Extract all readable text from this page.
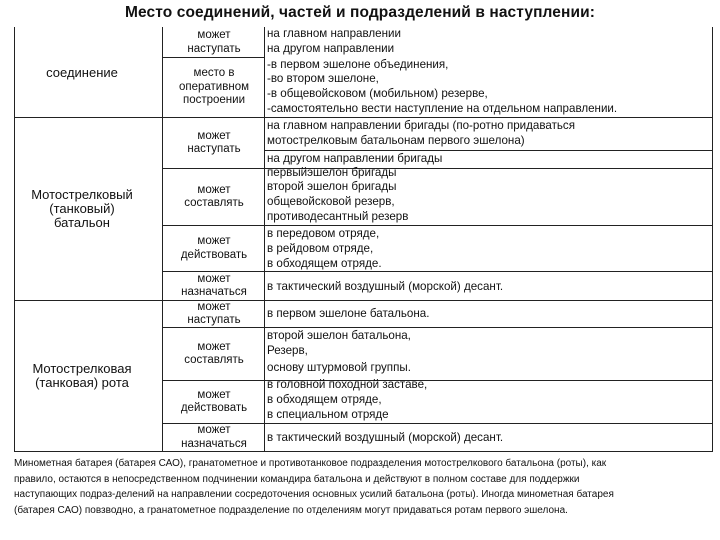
Место соединений, частей и подразделений в наступлении:
соединение
Мотострелковый
(танковый)
батальон
Мотострелковая
(танковая) рота
может
наступать
место в
оперативном
построении
может
наступать
может
составлять
может
действовать
может
назначаться
может
наступать
может
составлять
может
действовать
может
назначаться
на главном направлении
на другом направлении
-в первом эшелоне объединения,
-во втором эшелоне,
-в общевойсковом (мобильном) резерве,
-самостоятельно вести наступление на отдельном направлении.
на главном направлении бригады (по-ротно придаваться
мотострелковым батальонам первого эшелона)
на другом направлении бригады
первыйэшелон бригады
второй эшелон бригады
общевойсковой резерв,
противодесантный резерв
в передовом отряде,
в рейдовом отряде,
в обходящем отряде.
в тактический воздушный (морской) десант.
в первом эшелоне батальона.
второй эшелон батальона,
Резерв,
основу штурмовой группы.
в головной походной заставе,
в обходящем отряде,
в специальном отряде
в тактический воздушный (морской) десант.
Минометная батарея (батарея САО), гранатометное и противотанковое подразделения мотострелкового батальона (роты), как
правило, остаются в непосредственном подчинении командира батальона и действуют в полном составе для поддержки
наступающих подраз-делений на направлении сосредоточения основных усилий батальона (роты). Иногда минометная батарея
(батарея САО) повзводно, а гранатометное подразделение по отделениям могут придаваться ротам первого эшелона.
